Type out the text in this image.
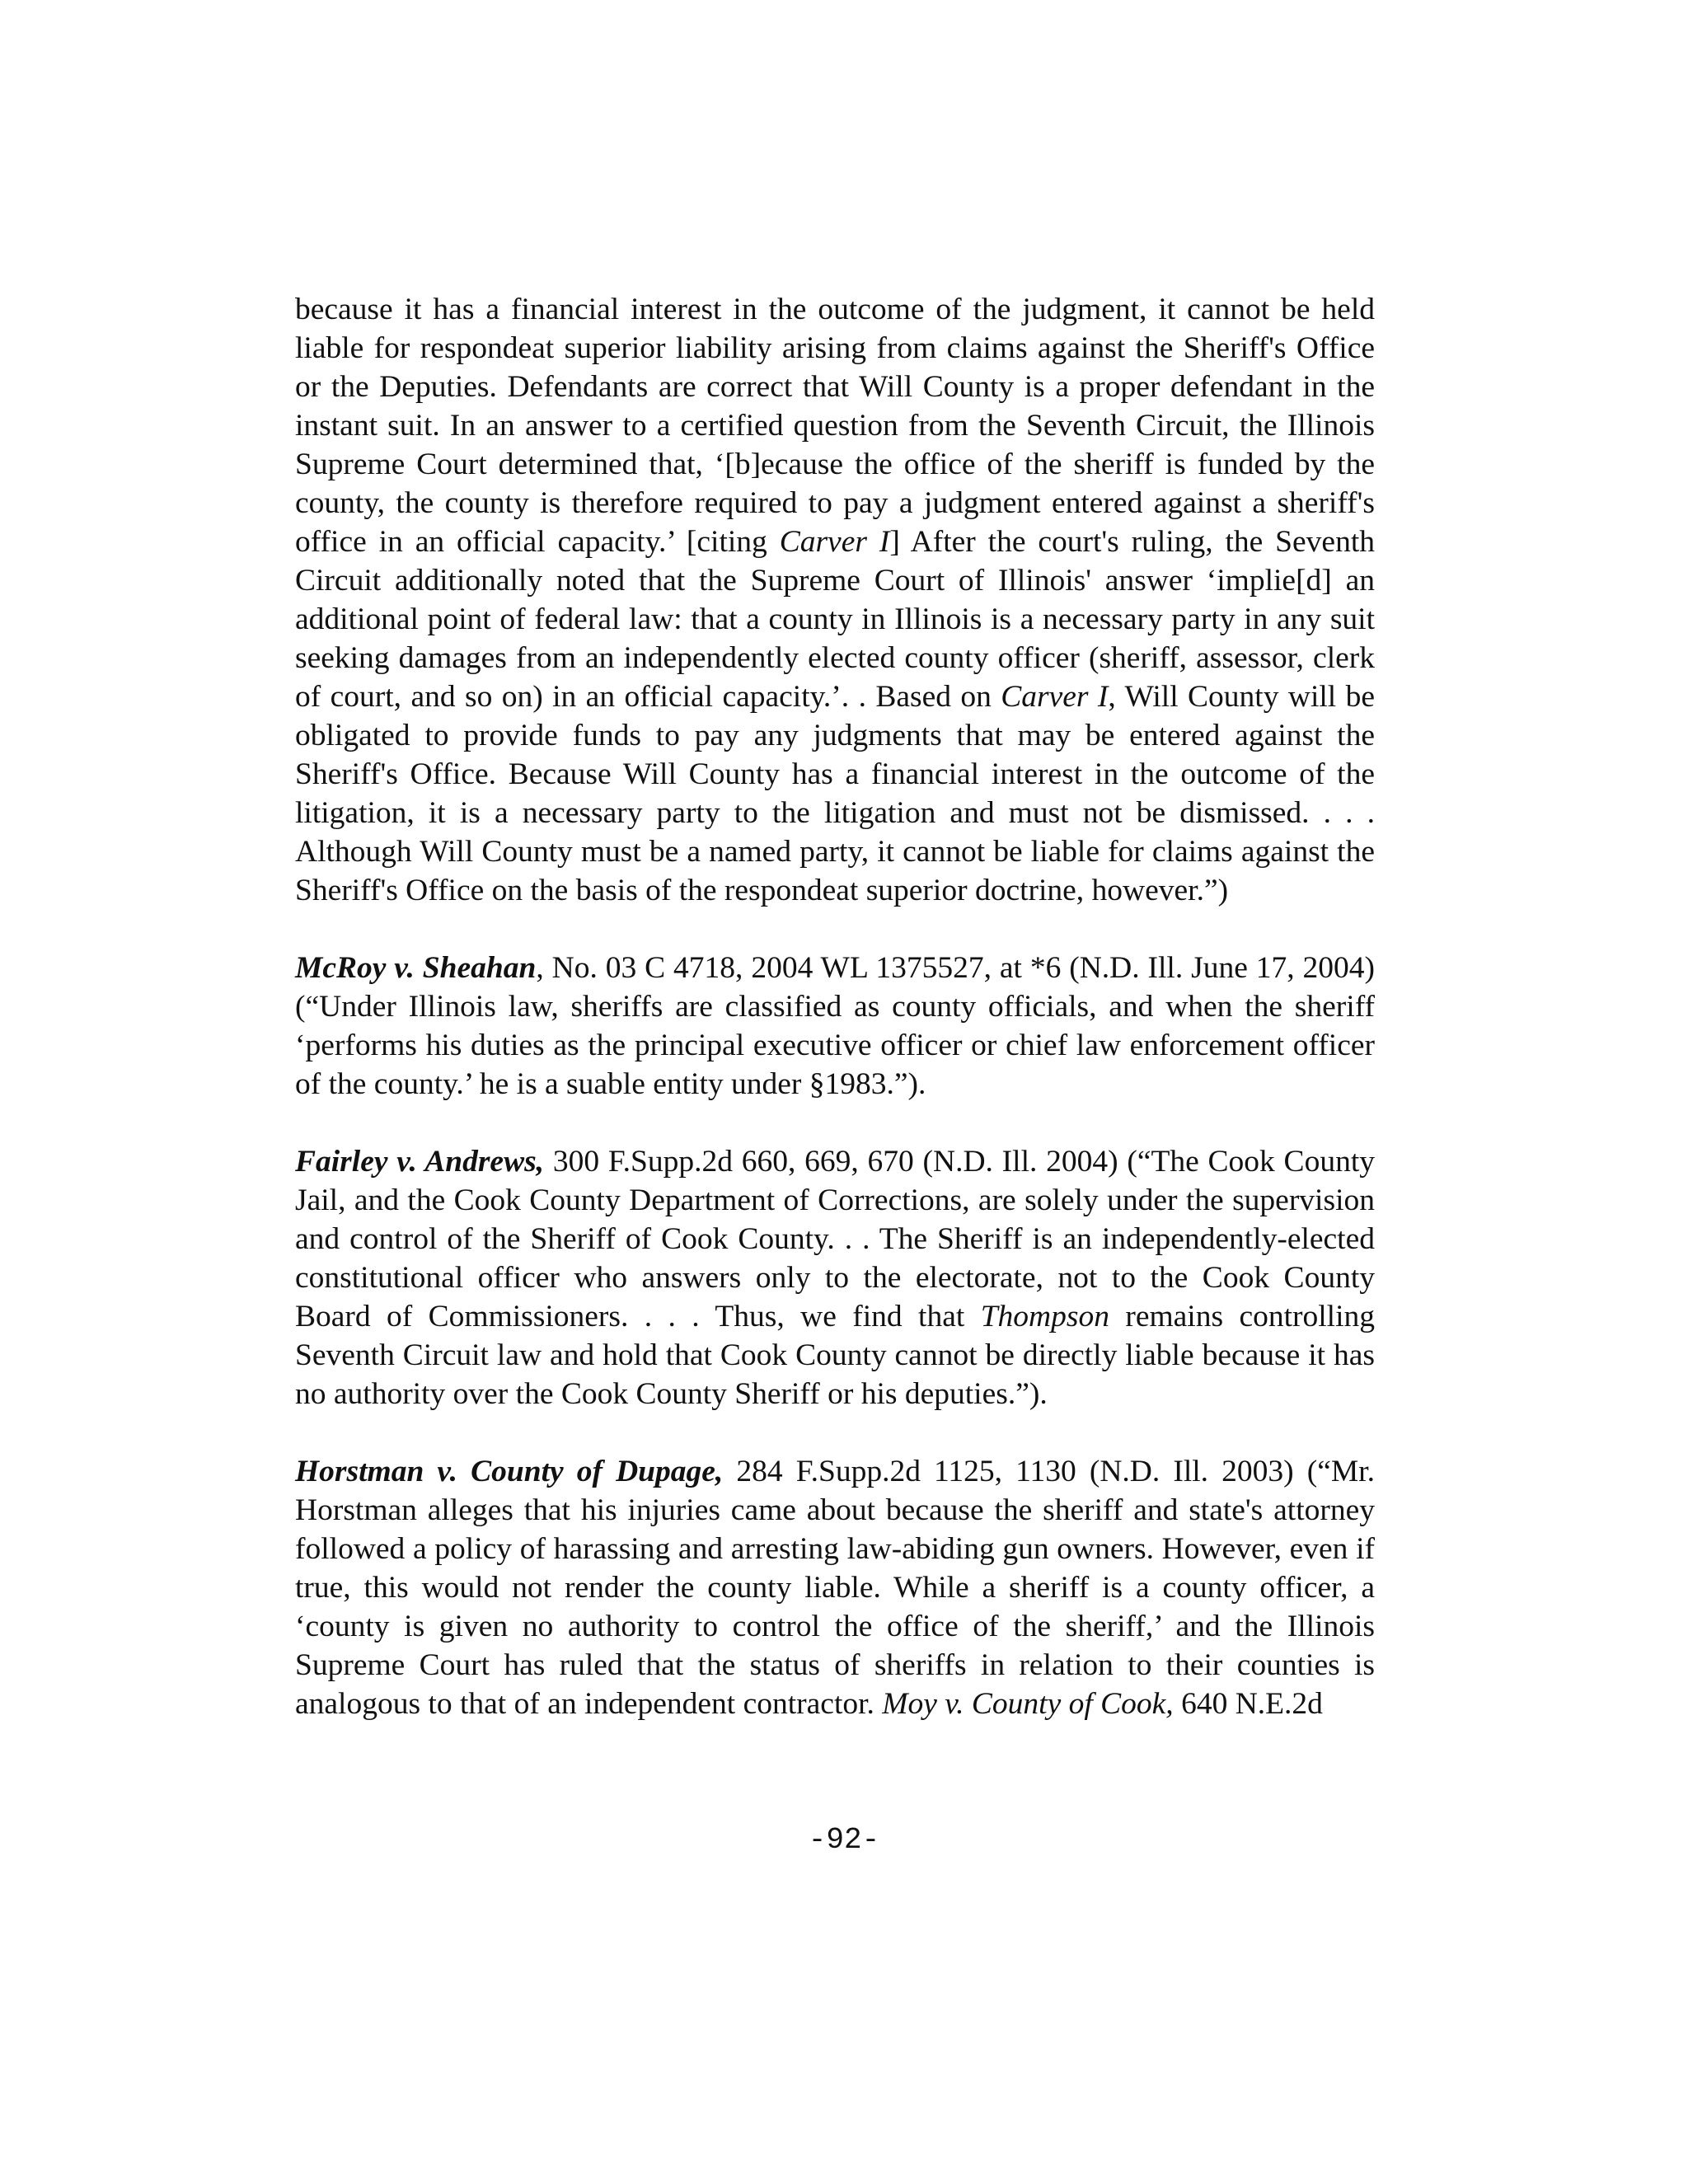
because it has a financial interest in the outcome of the judgment, it cannot be held liable for respondeat superior liability arising from claims against the Sheriff's Office or the Deputies. Defendants are correct that Will County is a proper defendant in the instant suit. In an answer to a certified question from the Seventh Circuit, the Illinois Supreme Court determined that, ‘[b]ecause the office of the sheriff is funded by the county, the county is therefore required to pay a judgment entered against a sheriff's office in an official capacity.’ [citing Carver I] After the court's ruling, the Seventh Circuit additionally noted that the Supreme Court of Illinois' answer ‘implie[d] an additional point of federal law: that a county in Illinois is a necessary party in any suit seeking damages from an independently elected county officer (sheriff, assessor, clerk of court, and so on) in an official capacity.’. . Based on Carver I, Will County will be obligated to provide funds to pay any judgments that may be entered against the Sheriff's Office. Because Will County has a financial interest in the outcome of the litigation, it is a necessary party to the litigation and must not be dismissed. . . . Although Will County must be a named party, it cannot be liable for claims against the Sheriff's Office on the basis of the respondeat superior doctrine, however.”)

McRoy v. Sheahan, No. 03 C 4718, 2004 WL 1375527, at *6 (N.D. Ill. June 17, 2004) (“Under Illinois law, sheriffs are classified as county officials, and when the sheriff ‘performs his duties as the principal executive officer or chief law enforcement officer of the county.’ he is a suable entity under §1983.”).

Fairley v. Andrews, 300 F.Supp.2d 660, 669, 670 (N.D. Ill. 2004) (“The Cook County Jail, and the Cook County Department of Corrections, are solely under the supervision and control of the Sheriff of Cook County. . . The Sheriff is an independently-elected constitutional officer who answers only to the electorate, not to the Cook County Board of Commissioners. . . . Thus, we find that Thompson remains controlling Seventh Circuit law and hold that Cook County cannot be directly liable because it has no authority over the Cook County Sheriff or his deputies.”).

Horstman v. County of Dupage, 284 F.Supp.2d 1125, 1130 (N.D. Ill. 2003) (“Mr. Horstman alleges that his injuries came about because the sheriff and state's attorney followed a policy of harassing and arresting law-abiding gun owners. However, even if true, this would not render the county liable. While a sheriff is a county officer, a ‘county is given no authority to control the office of the sheriff,’ and the Illinois Supreme Court has ruled that the status of sheriffs in relation to their counties is analogous to that of an independent contractor. Moy v. County of Cook, 640 N.E.2d

-92-
